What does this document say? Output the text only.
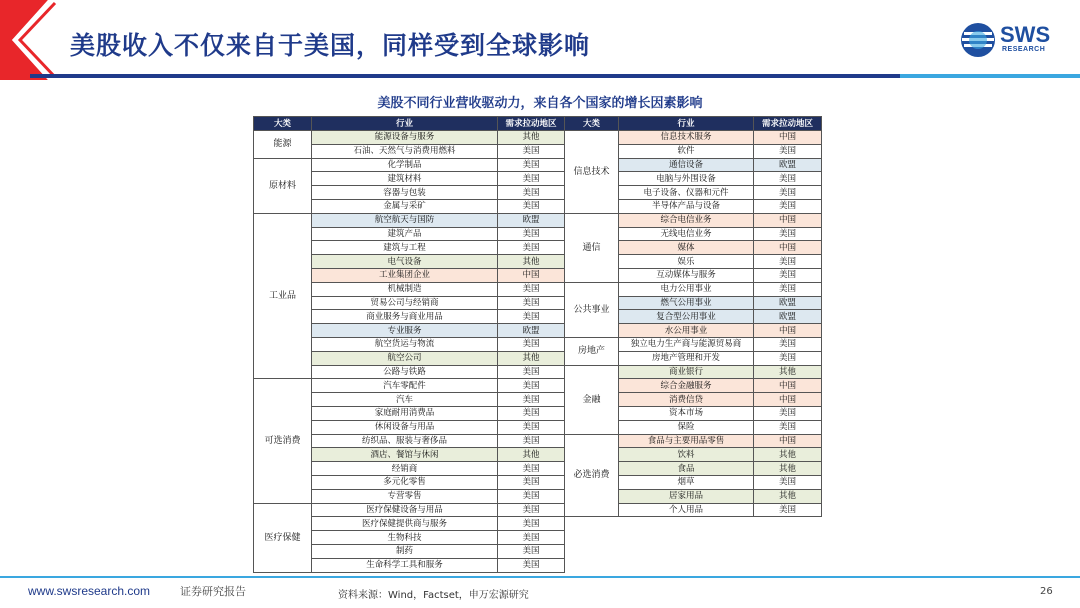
美股收入不仅来自于美国，同样受到全球影响	SWS
RESEARCH
美股不同行业营收驱动力，来自各个国家的增长因素影响
大类	行业	需求拉动地区
能源	能源设备与服务	其他
	石油、天然气与消费用燃料	美国
原材料	化学制品	美国
	建筑材料	美国
	容器与包装	美国
	金属与采矿	美国
工业品	航空航天与国防	欧盟
	建筑产品	美国
	建筑与工程	美国
	电气设备	其他
	工业集团企业	中国
	机械制造	美国
	贸易公司与经销商	美国
	商业服务与商业用品	美国
	专业服务	欧盟
	航空货运与物流	美国
	航空公司	其他
	公路与铁路	美国
可选消费	汽车零配件	美国
	汽车	美国
	家庭耐用消费品	美国
	休闲设备与用品	美国
	纺织品、服装与奢侈品	美国
	酒店、餐馆与休闲	其他
	经销商	美国
	多元化零售	美国
	专营零售	美国
医疗保健	医疗保健设备与用品	美国
	医疗保健提供商与服务	美国
	生物科技	美国
	制药	美国
	生命科学工具和服务	美国
大类	行业	需求拉动地区
信息技术	信息技术服务	中国
	软件	美国
	通信设备	欧盟
	电脑与外围设备	美国
	电子设备、仪器和元件	美国
	半导体产品与设备	美国
通信	综合电信业务	中国
	无线电信业务	美国
	媒体	中国
	娱乐	美国
	互动媒体与服务	美国
公共事业	电力公用事业	美国
	燃气公用事业	欧盟
	复合型公用事业	欧盟
	水公用事业	中国
房地产	独立电力生产商与能源贸易商	美国
	房地产管理和开发	美国
金融	商业银行	其他
	综合金融服务	中国
	消费信贷	中国
	资本市场	美国
	保险	美国
必选消费	食品与主要用品零售	中国
	饮料	其他
	食品	其他
	烟草	美国
	居家用品	其他
	个人用品	美国
www.swsresearch.com	证券研究报告	资料来源：Wind，Factset，申万宏源研究	26
